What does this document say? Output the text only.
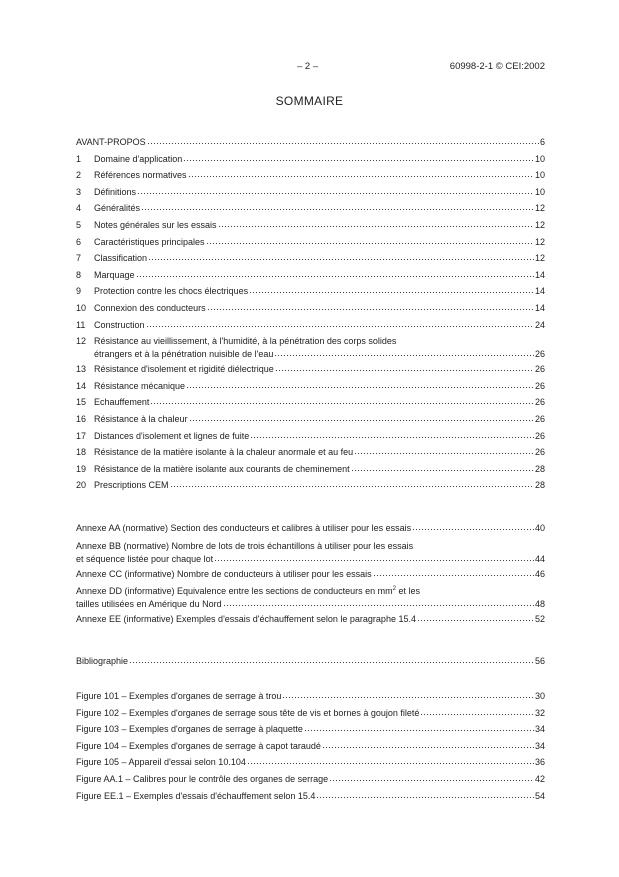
– 2 –	60998-2-1 © CEI:2002
SOMMAIRE
AVANT-PROPOS	6
1	Domaine d'application	10
2	Références normatives	10
3	Définitions	10
4	Généralités	12
5	Notes générales sur les essais	12
6	Caractéristiques principales	12
7	Classification	12
8	Marquage	14
9	Protection contre les chocs électriques	14
10 Connexion des conducteurs	14
11 Construction	24
12 Résistance au vieillissement, à l'humidité, à la pénétration des corps solides
étrangers et à la pénétration nuisible de l'eau	26
13 Résistance d'isolement et rigidité diélectrique	26
14 Résistance mécanique	26
15 Echauffement	26
16 Résistance à la chaleur	26
17 Distances d'isolement et lignes de fuite	26
18 Résistance de la matière isolante à la chaleur anormale et au feu	26
19 Résistance de la matière isolante aux courants de cheminement	28
20 Prescriptions CEM	28
Annexe AA (normative) Section des conducteurs et calibres à utiliser pour les essais	40
Annexe BB (normative) Nombre de lots de trois échantillons à utiliser pour les essais
et séquence listée pour chaque lot	44
Annexe CC (informative) Nombre de conducteurs à utiliser pour les essais	46
Annexe DD (informative) Equivalence entre les sections de conducteurs en $mm^2$ et les
tailles utilisées en Amérique du Nord	48
Annexe EE (informative) Exemples d'essais d'échauffement selon le paragraphe 15.4	52
Bibliographie	56
Figure 101 – Exemples d'organes de serrage à trou	30
Figure 102 – Exemples d'organes de serrage sous tête de vis et bornes à goujon fileté	32
Figure 103 – Exemples d'organes de serrage à plaquette	34
Figure 104 – Exemples d'organes de serrage à capot taraudé	34
Figure 105 – Appareil d'essai selon 10.104	36
Figure AA.1 – Calibres pour le contrôle des organes de serrage	42
Figure EE.1 – Exemples d'essais d'échauffement selon 15.4	54
